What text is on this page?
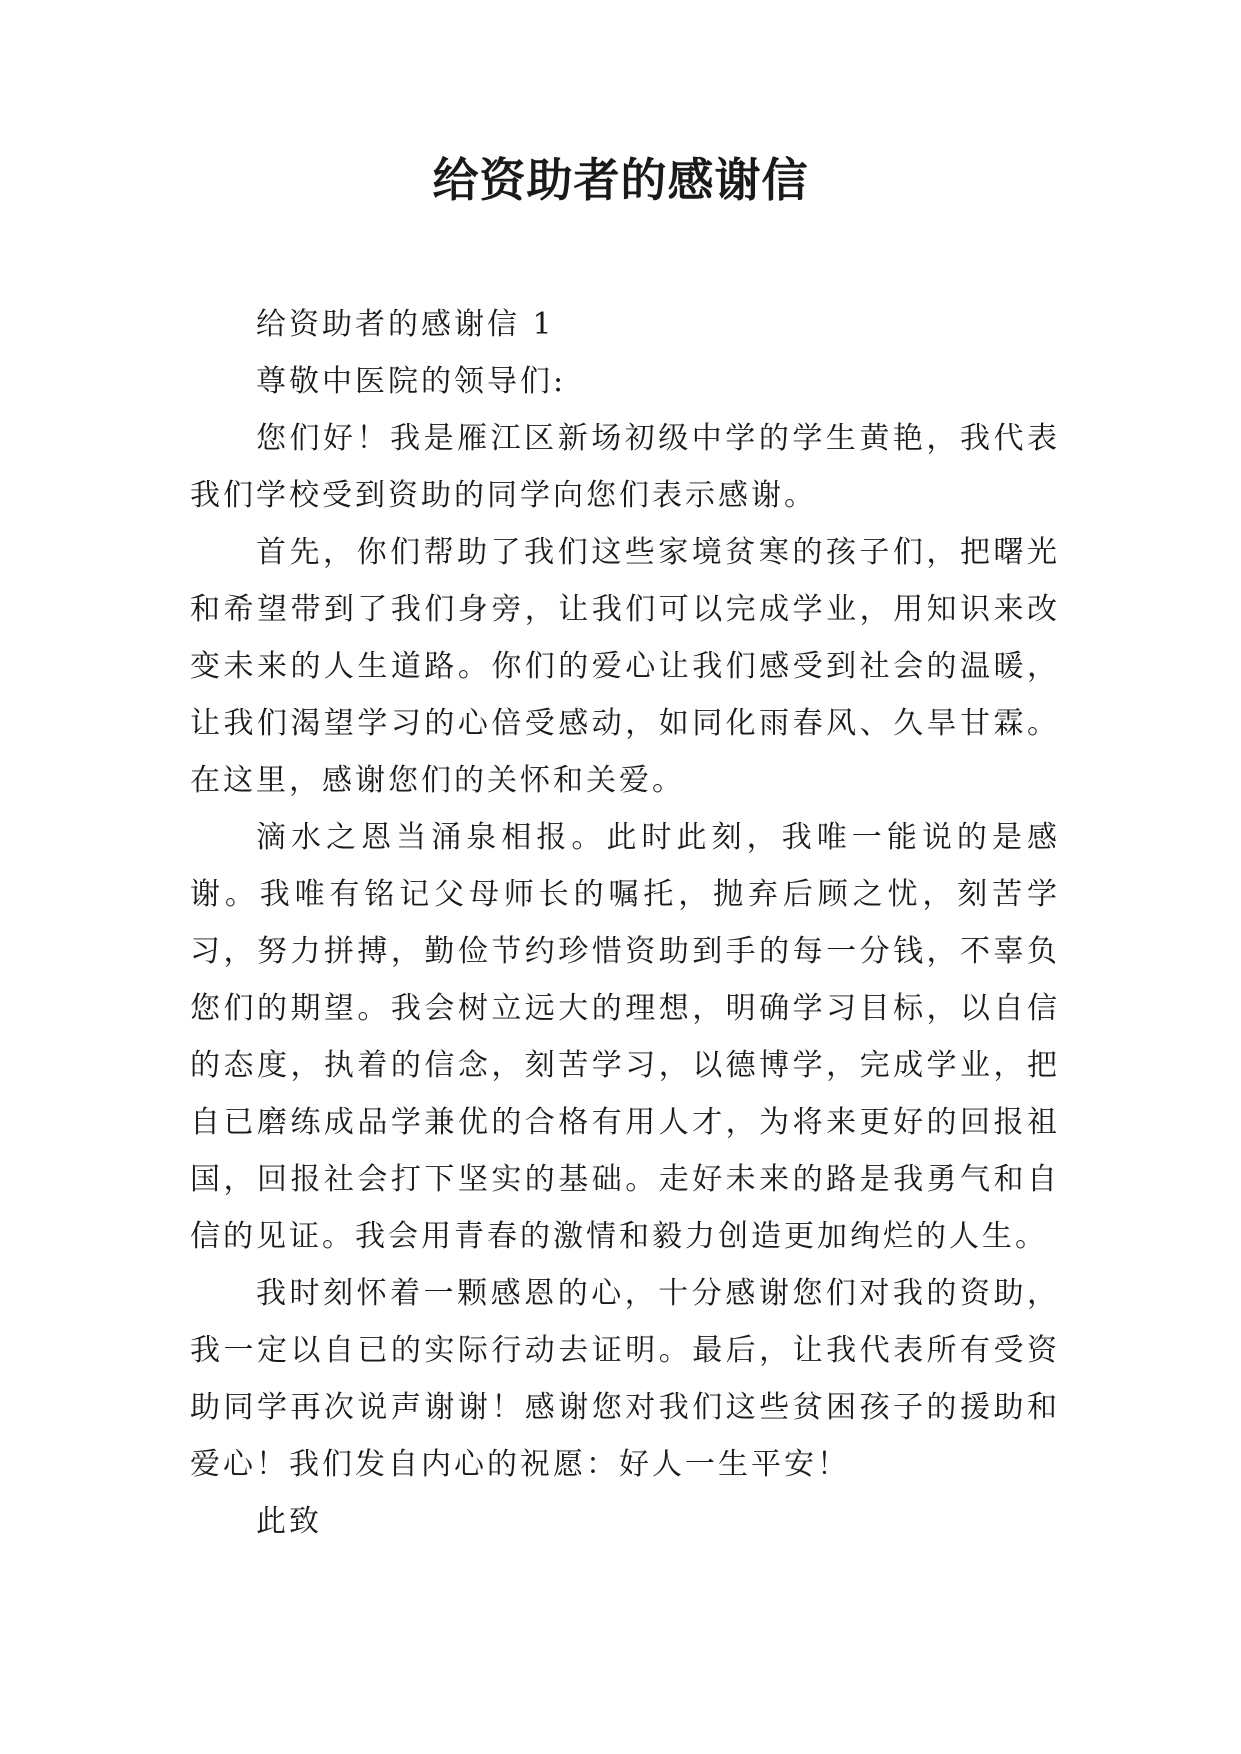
给资助者的感谢信

给资助者的感谢信 1

尊敬中医院的领导们:

您们好！我是雁江区新场初级中学的学生黄艳，我代表我们学校受到资助的同学向您们表示感谢。

首先，你们帮助了我们这些家境贫寒的孩子们，把曙光和希望带到了我们身旁，让我们可以完成学业，用知识来改变未来的人生道路。你们的爱心让我们感受到社会的温暖，让我们渴望学习的心倍受感动，如同化雨春风、久旱甘霖。在这里，感谢您们的关怀和关爱。

滴水之恩当涌泉相报。此时此刻，我唯一能说的是感谢。我唯有铭记父母师长的嘱托，抛弃后顾之忧，刻苦学习，努力拼搏，勤俭节约珍惜资助到手的每一分钱，不辜负您们的期望。我会树立远大的理想，明确学习目标，以自信的态度，执着的信念，刻苦学习，以德博学，完成学业，把自已磨练成品学兼优的合格有用人才，为将来更好的回报祖国，回报社会打下坚实的基础。走好未来的路是我勇气和自信的见证。我会用青春的激情和毅力创造更加绚烂的人生。

我时刻怀着一颗感恩的心，十分感谢您们对我的资助，我一定以自已的实际行动去证明。最后，让我代表所有受资助同学再次说声谢谢！感谢您对我们这些贫困孩子的援助和爱心！我们发自内心的祝愿：好人一生平安！

此致
